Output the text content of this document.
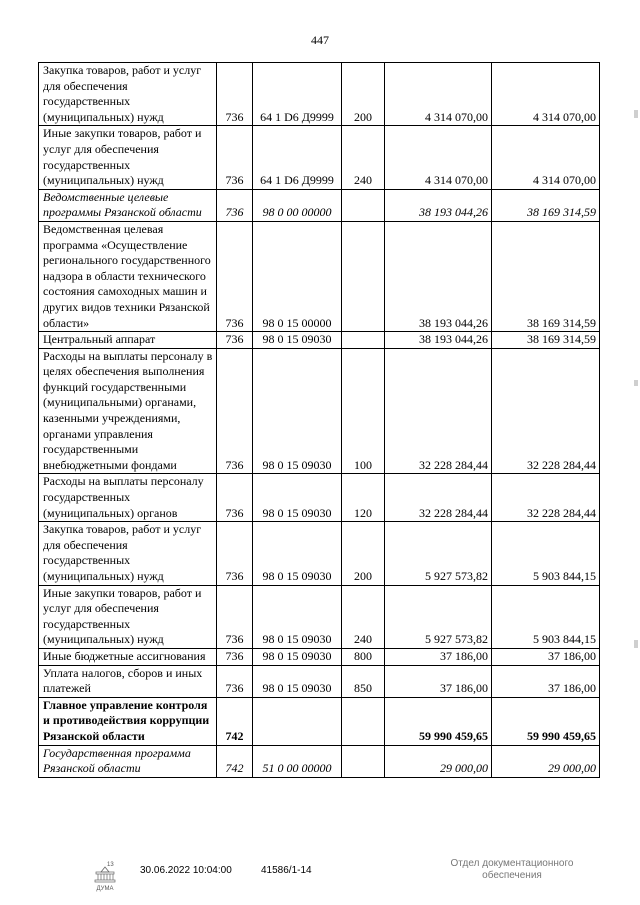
447
Закупка товаров, работ и услуг для обеспечения государственных (муниципальных) нужд	736	64 1 D6 Д9999	200	4 314 070,00	4 314 070,00
Иные закупки товаров, работ и услуг для обеспечения государственных (муниципальных) нужд	736	64 1 D6 Д9999	240	4 314 070,00	4 314 070,00
Ведомственные целевые программы Рязанской области	736	98 0 00 00000		38 193 044,26	38 169 314,59
Ведомственная целевая программа «Осуществление регионального государственного надзора в области технического состояния самоходных машин и других видов техники Рязанской области»	736	98 0 15 00000		38 193 044,26	38 169 314,59
Центральный аппарат	736	98 0 15 09030		38 193 044,26	38 169 314,59
Расходы на выплаты персоналу в целях обеспечения выполнения функций государственными (муниципальными) органами, казенными учреждениями, органами управления государственными внебюджетными фондами	736	98 0 15 09030	100	32 228 284,44	32 228 284,44
Расходы на выплаты персоналу государственных (муниципальных) органов	736	98 0 15 09030	120	32 228 284,44	32 228 284,44
Закупка товаров, работ и услуг для обеспечения государственных (муниципальных) нужд	736	98 0 15 09030	200	5 927 573,82	5 903 844,15
Иные закупки товаров, работ и услуг для обеспечения государственных (муниципальных) нужд	736	98 0 15 09030	240	5 927 573,82	5 903 844,15
Иные бюджетные ассигнования	736	98 0 15 09030	800	37 186,00	37 186,00
Уплата налогов, сборов и иных платежей	736	98 0 15 09030	850	37 186,00	37 186,00
Главное управление контроля и противодействия коррупции Рязанской области	742			59 990 459,65	59 990 459,65
Государственная программа Рязанской области	742	51 0 00 00000		29 000,00	29 000,00
13
ДУМА
30.06.2022 10:04:00	41586/1-14
Отдел документационного
обеспечения
